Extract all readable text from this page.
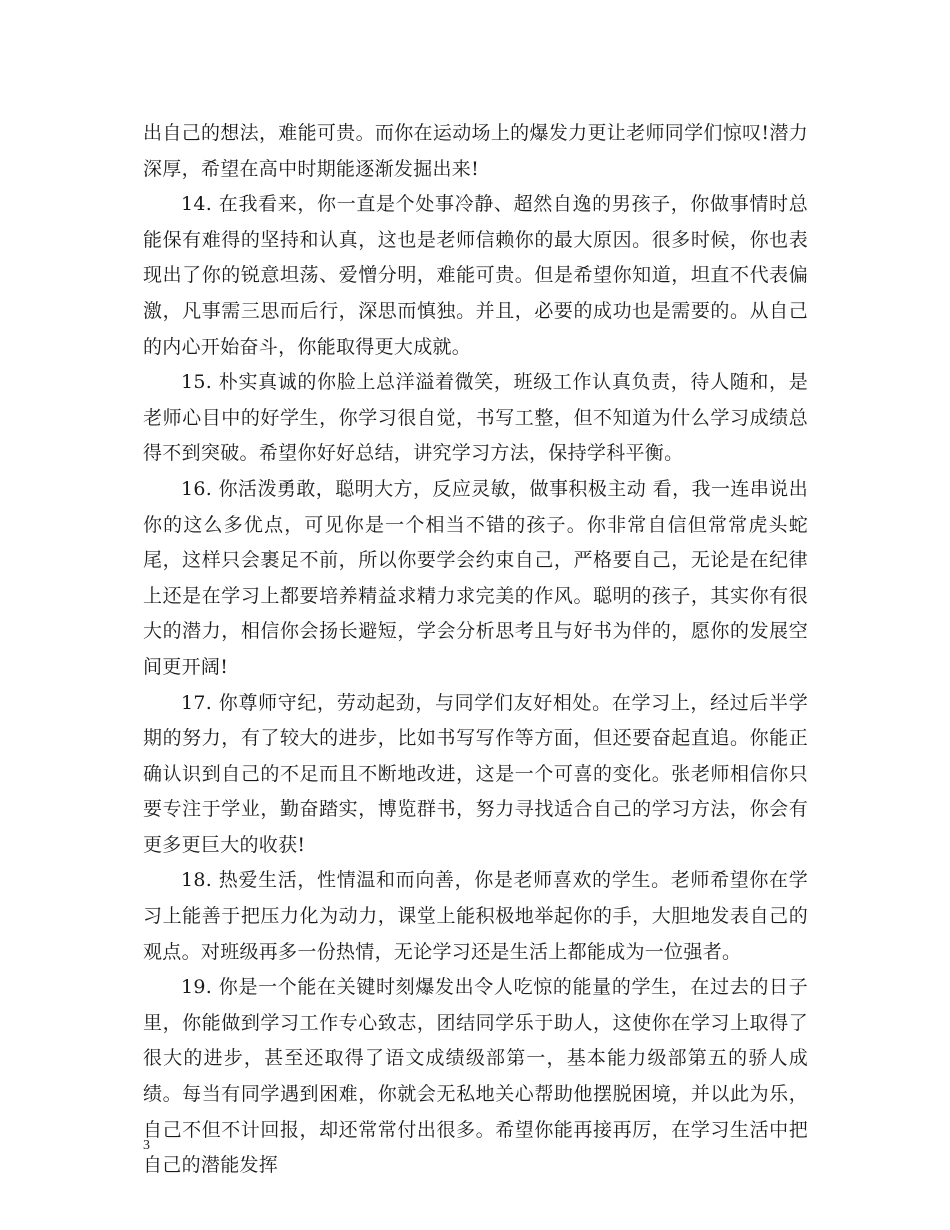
出自己的想法，难能可贵。而你在运动场上的爆发力更让老师同学们惊叹!潜力深厚，希望在高中时期能逐渐发掘出来!

14. 在我看来，你一直是个处事冷静、超然自逸的男孩子，你做事情时总能保有难得的坚持和认真，这也是老师信赖你的最大原因。很多时候，你也表现出了你的锐意坦荡、爱憎分明，难能可贵。但是希望你知道，坦直不代表偏激，凡事需三思而后行，深思而慎独。并且，必要的成功也是需要的。从自己的内心开始奋斗，你能取得更大成就。

15. 朴实真诚的你脸上总洋溢着微笑，班级工作认真负责，待人随和，是老师心目中的好学生，你学习很自觉，书写工整，但不知道为什么学习成绩总得不到突破。希望你好好总结，讲究学习方法，保持学科平衡。

16. 你活泼勇敢，聪明大方，反应灵敏，做事积极主动 看，我一连串说出你的这么多优点，可见你是一个相当不错的孩子。你非常自信但常常虎头蛇尾，这样只会裹足不前，所以你要学会约束自己，严格要自己，无论是在纪律上还是在学习上都要培养精益求精力求完美的作风。聪明的孩子，其实你有很大的潜力，相信你会扬长避短，学会分析思考且与好书为伴的，愿你的发展空间更开阔!

17. 你尊师守纪，劳动起劲，与同学们友好相处。在学习上，经过后半学期的努力，有了较大的进步，比如书写写作等方面，但还要奋起直追。你能正确认识到自己的不足而且不断地改进，这是一个可喜的变化。张老师相信你只要专注于学业，勤奋踏实，博览群书，努力寻找适合自己的学习方法，你会有更多更巨大的收获!

18. 热爱生活，性情温和而向善，你是老师喜欢的学生。老师希望你在学习上能善于把压力化为动力，课堂上能积极地举起你的手，大胆地发表自己的观点。对班级再多一份热情，无论学习还是生活上都能成为一位强者。

19. 你是一个能在关键时刻爆发出令人吃惊的能量的学生，在过去的日子里，你能做到学习工作专心致志，团结同学乐于助人，这使你在学习上取得了很大的进步，甚至还取得了语文成绩级部第一，基本能力级部第五的骄人成绩。每当有同学遇到困难，你就会无私地关心帮助他摆脱困境，并以此为乐，自己不但不计回报，却还常常付出很多。希望你能再接再厉，在学习生活中把自己的潜能发挥

3
